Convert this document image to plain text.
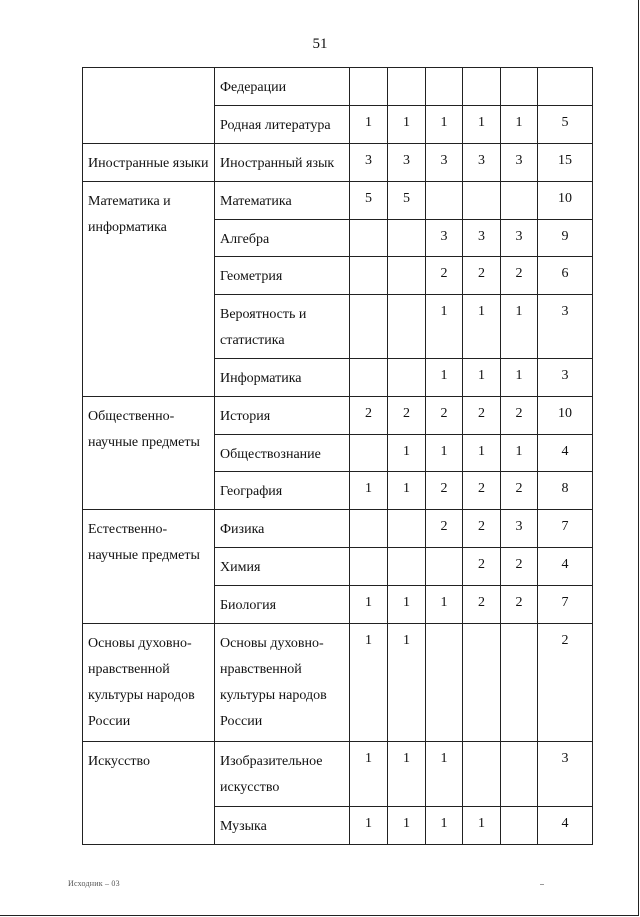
51
	Федерации						
	Родная литература	1	1	1	1	1	5
Иностранные языки	Иностранный язык	3	3	3	3	3	15
Математика и информатика	Математика	5	5				10
	Алгебра			3	3	3	9
	Геометрия			2	2	2	6
	Вероятность и статистика			1	1	1	3
	Информатика			1	1	1	3
Общественно-научные предметы	История	2	2	2	2	2	10
	Обществознание		1	1	1	1	4
	География	1	1	2	2	2	8
Естественно-научные предметы	Физика			2	2	3	7
	Химия				2	2	4
	Биология	1	1	1	2	2	7
Основы духовно-нравственной культуры народов России	Основы духовно-нравственной культуры народов России	1	1				2
Искусство	Изобразительное искусство	1	1	1			3
	Музыка	1	1	1	1		4
Исходник – 03
